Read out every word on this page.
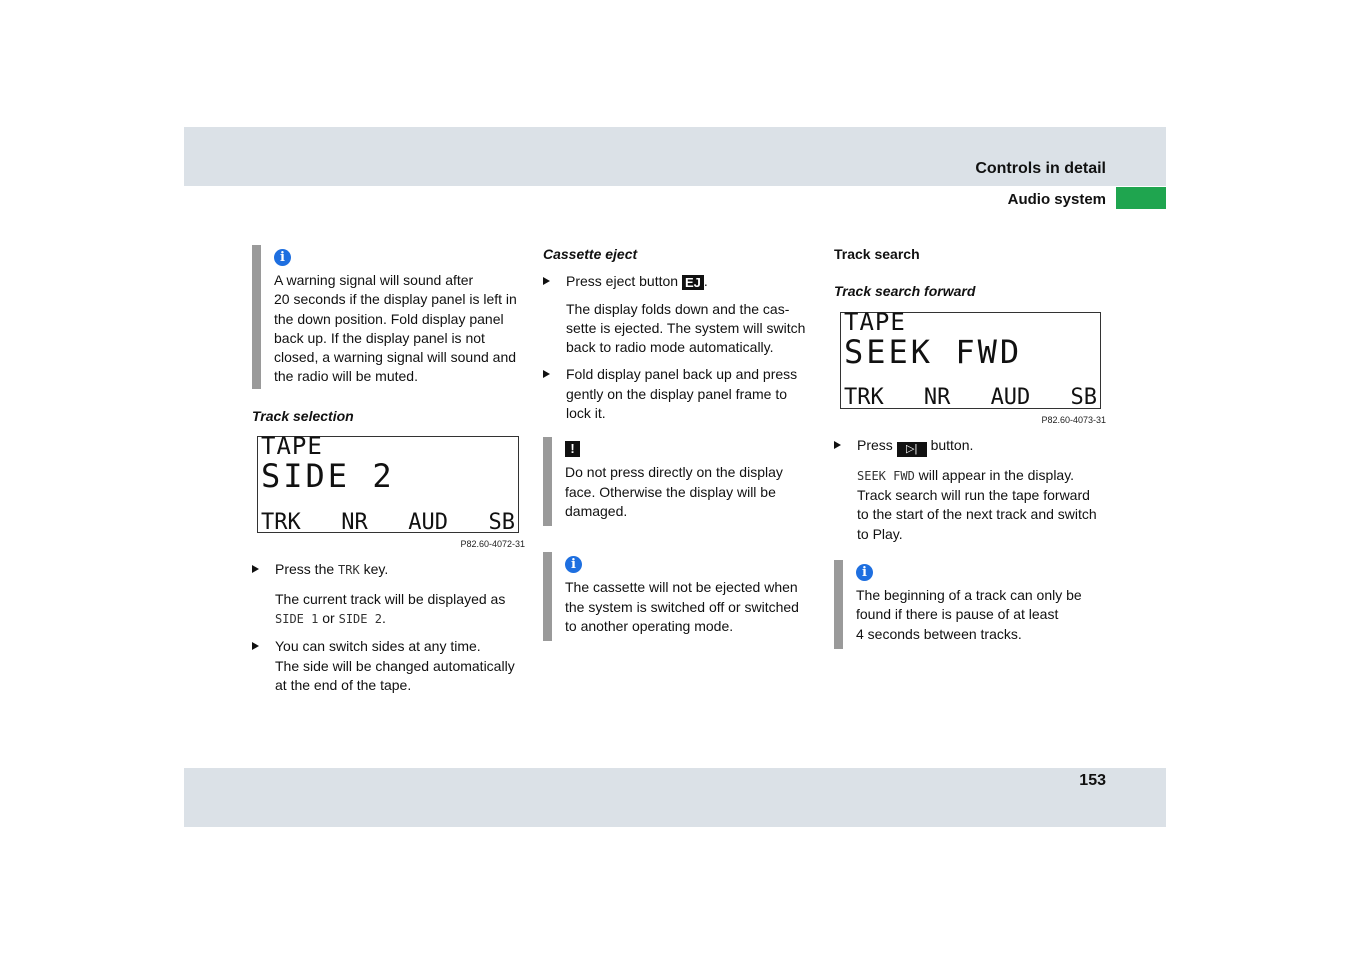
Controls in detail
Audio system
153
i

A warning signal will sound after

20 seconds if the display panel is left in

the down position. Fold display panel

back up. If the display panel is not

closed, a warning signal will sound and

the radio will be muted.

Track selection

TAPE
SIDE 2
TRK NR AUD SB
P82.60-4072-31
Press the TRK key.

The current track will be displayed as

SIDE 1 or SIDE 2.

You can switch sides at any time.

The side will be changed automatically

at the end of the tape.

Cassette eject

Press eject button EJ .

The display folds down and the cas-

sette is ejected. The system will switch

back to radio mode automatically.

Fold display panel back up and press

gently on the display panel frame to

lock it.

!

Do not press directly on the display

face. Otherwise the display will be

damaged.

i

The cassette will not be ejected when

the system is switched off or switched

to another operating mode.

Track search

Track search forward

TAPE
SEEK FWD
TRK NR AUD SB
P82.60-4073-31
Press ▷| button.

SEEK FWD will appear in the display.

Track search will run the tape forward

to the start of the next track and switch

to Play.

i

The beginning of a track can only be

found if there is pause of at least

4 seconds between tracks.
